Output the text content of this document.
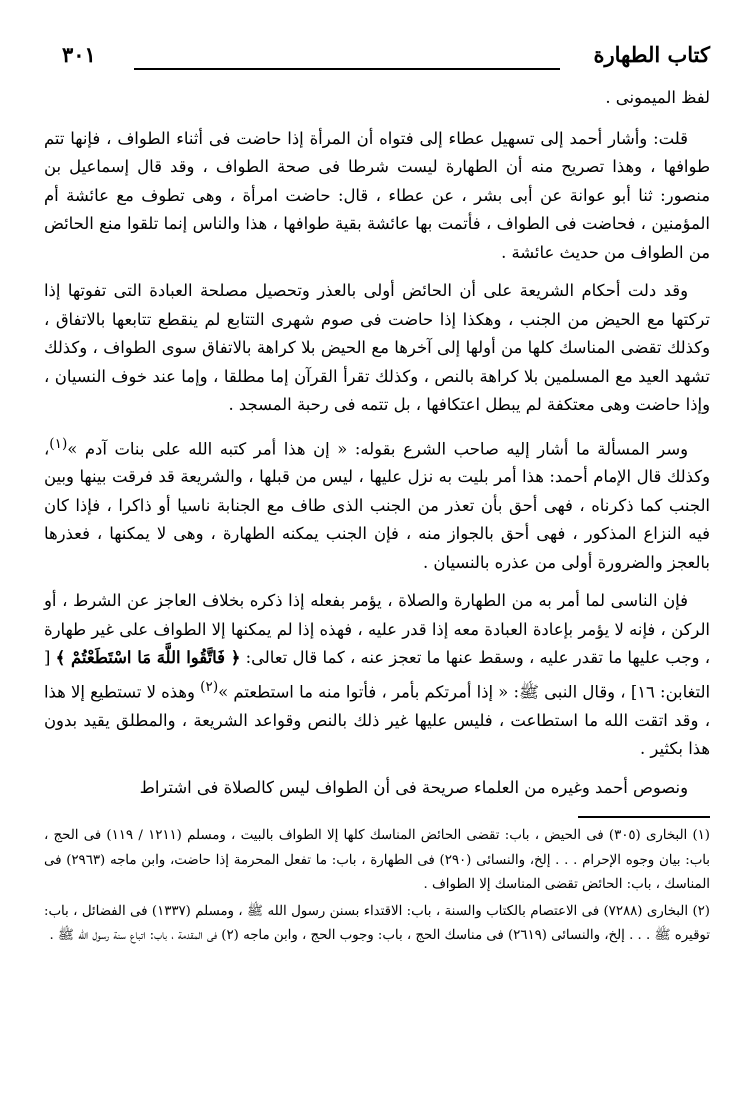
كتاب الطهارة
٣٠١

لفظ الميمونى .

قلت: وأشار أحمد إلى تسهيل عطاء إلى فتواه أن المرأة إذا حاضت فى أثناء الطواف ، فإنها تتم طوافها ، وهذا تصريح منه أن الطهارة ليست شرطا فى صحة الطواف ، وقد قال إسماعيل بن منصور: ثنا أبو عوانة عن أبى بشر ، عن عطاء ، قال: حاضت امرأة ، وهى تطوف مع عائشة أم المؤمنين ، فحاضت فى الطواف ، فأتمت بها عائشة بقية طوافها ، هذا والناس إنما تلقوا منع الحائض من الطواف من حديث عائشة .

وقد دلت أحكام الشريعة على أن الحائض أولى بالعذر وتحصيل مصلحة العبادة التى تفوتها إذا تركتها مع الحيض من الجنب ، وهكذا إذا حاضت فى صوم شهرى التتابع لم ينقطع تتابعها بالاتفاق ، وكذلك تقضى المناسك كلها من أولها إلى آخرها مع الحيض بلا كراهة بالاتفاق سوى الطواف ، وكذلك تشهد العيد مع المسلمين بلا كراهة بالنص ، وكذلك تقرأ القرآن إما مطلقا ، وإما عند خوف النسيان ، وإذا حاضت وهى معتكفة لم يبطل اعتكافها ، بل تتمه فى رحبة المسجد .

وسر المسألة ما أشار إليه صاحب الشرع بقوله: « إن هذا أمر كتبه الله على بنات آدم »$^{(١)}$، وكذلك قال الإمام أحمد: هذا أمر بليت به نزل عليها ، ليس من قبلها ، والشريعة قد فرقت بينها وبين الجنب كما ذكرناه ، فهى أحق بأن تعذر من الجنب الذى طاف مع الجنابة ناسيا أو ذاكرا ، فإذا كان فيه النزاع المذكور ، فهى أحق بالجواز منه ، فإن الجنب يمكنه الطهارة ، وهى لا يمكنها ، فعذرها بالعجز والضرورة أولى من عذره بالنسيان .

فإن الناسى لما أمر به من الطهارة والصلاة ، يؤمر بفعله إذا ذكره بخلاف العاجز عن الشرط ، أو الركن ، فإنه لا يؤمر بإعادة العبادة معه إذا قدر عليه ، فهذه إذا لم يمكنها إلا الطواف على غير طهارة ، وجب عليها ما تقدر عليه ، وسقط عنها ما تعجز عنه ، كما قال تعالى: ﴿ فَاتَّقُوا اللَّهَ مَا اسْتَطَعْتُمْ ﴾ [ التغابن: ١٦] ، وقال النبى ﷺ: « إذا أمرتكم بأمر ، فأتوا منه ما استطعتم »$^{(٢)}$ وهذه لا تستطيع إلا هذا ، وقد اتقت الله ما استطاعت ، فليس عليها غير ذلك بالنص وقواعد الشريعة ، والمطلق يقيد بدون هذا بكثير .

ونصوص أحمد وغيره من العلماء صريحة فى أن الطواف ليس كالصلاة فى اشتراط

(١) البخارى (٣٠٥) فى الحيض ، باب: تقضى الحائض المناسك كلها إلا الطواف بالبيت ، ومسلم (١٢١١ / ١١٩) فى الحج ، باب: بيان وجوه الإحرام . . . إلخ، والنسائى (٢٩٠) فى الطهارة ، باب: ما تفعل المحرمة إذا حاضت، وابن ماجه (٢٩٦٣) فى المناسك ، باب: الحائض تقضى المناسك إلا الطواف .

(٢) البخارى (٧٢٨٨) فى الاعتصام بالكتاب والسنة ، باب: الاقتداء بسنن رسول الله ﷺ ، ومسلم (١٣٣٧) فى الفضائل ، باب: توقيره ﷺ . . . إلخ، والنسائى (٢٦١٩) فى مناسك الحج ، باب: وجوب الحج ، وابن ماجه (٢) فى المقدمة ، باب: اتباع سنة رسول الله ﷺ .
